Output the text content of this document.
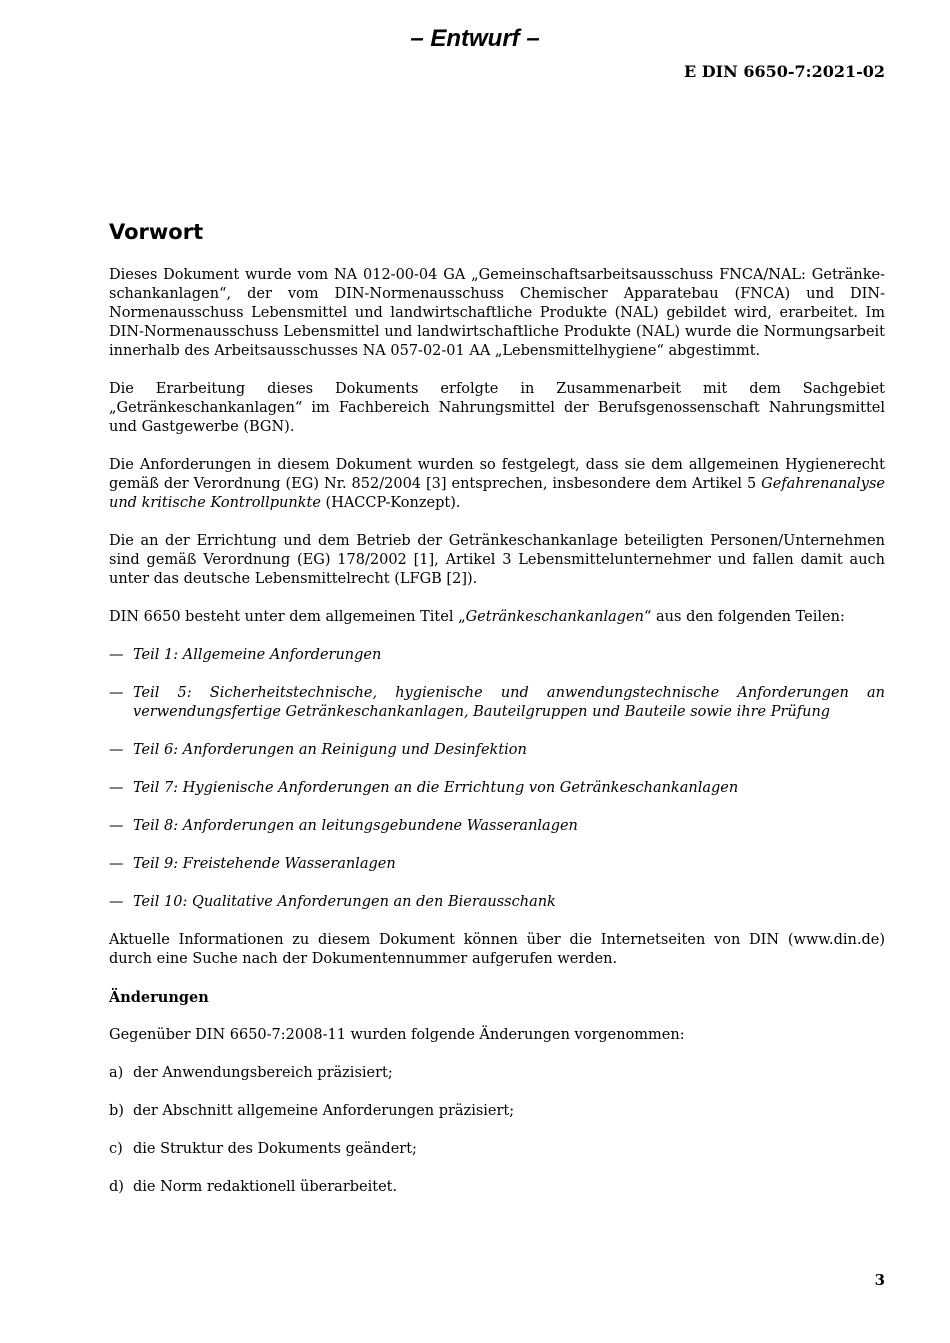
– Entwurf –
E DIN 6650-7:2021-02
Vorwort

Dieses Dokument wurde vom NA 012-00-04 GA „Gemeinschaftsarbeitsausschuss FNCA/NAL: Getränkeschankanlagen“, der vom DIN-Normenausschuss Chemischer Apparatebau (FNCA) und DIN-Normenausschuss Lebensmittel und landwirtschaftliche Produkte (NAL) gebildet wird, erarbeitet. Im DIN-Normenausschuss Lebensmittel und landwirtschaftliche Produkte (NAL) wurde die Normungsarbeit innerhalb des Arbeitsausschusses NA 057-02-01 AA „Lebensmittelhygiene“ abgestimmt.

Die Erarbeitung dieses Dokuments erfolgte in Zusammenarbeit mit dem Sachgebiet „Getränkeschankanlagen“ im Fachbereich Nahrungsmittel der Berufsgenossenschaft Nahrungsmittel und Gastgewerbe (BGN).

Die Anforderungen in diesem Dokument wurden so festgelegt, dass sie dem allgemeinen Hygienerecht gemäß der Verordnung (EG) Nr. 852/2004 [3] entsprechen, insbesondere dem Artikel 5 Gefahrenanalyse und kritische Kontrollpunkte (HACCP-Konzept).

Die an der Errichtung und dem Betrieb der Getränkeschankanlage beteiligten Personen/Unternehmen sind gemäß Verordnung (EG) 178/2002 [1], Artikel 3 Lebensmittelunternehmer und fallen damit auch unter das deutsche Lebensmittelrecht (LFGB [2]).

DIN 6650 besteht unter dem allgemeinen Titel „Getränkeschankanlagen“ aus den folgenden Teilen:

— Teil 1: Allgemeine Anforderungen
— Teil 5: Sicherheitstechnische, hygienische und anwendungstechnische Anforderungen an verwendungsfertige Getränkeschankanlagen, Bauteilgruppen und Bauteile sowie ihre Prüfung
— Teil 6: Anforderungen an Reinigung und Desinfektion
— Teil 7: Hygienische Anforderungen an die Errichtung von Getränkeschankanlagen
— Teil 8: Anforderungen an leitungsgebundene Wasseranlagen
— Teil 9: Freistehende Wasseranlagen
— Teil 10: Qualitative Anforderungen an den Bierausschank

Aktuelle Informationen zu diesem Dokument können über die Internetseiten von DIN (www.din.de) durch eine Suche nach der Dokumentennummer aufgerufen werden.

Änderungen

Gegenüber DIN 6650-7:2008-11 wurden folgende Änderungen vorgenommen:

a) der Anwendungsbereich präzisiert;
b) der Abschnitt allgemeine Anforderungen präzisiert;
c) die Struktur des Dokuments geändert;
d) die Norm redaktionell überarbeitet.
3
